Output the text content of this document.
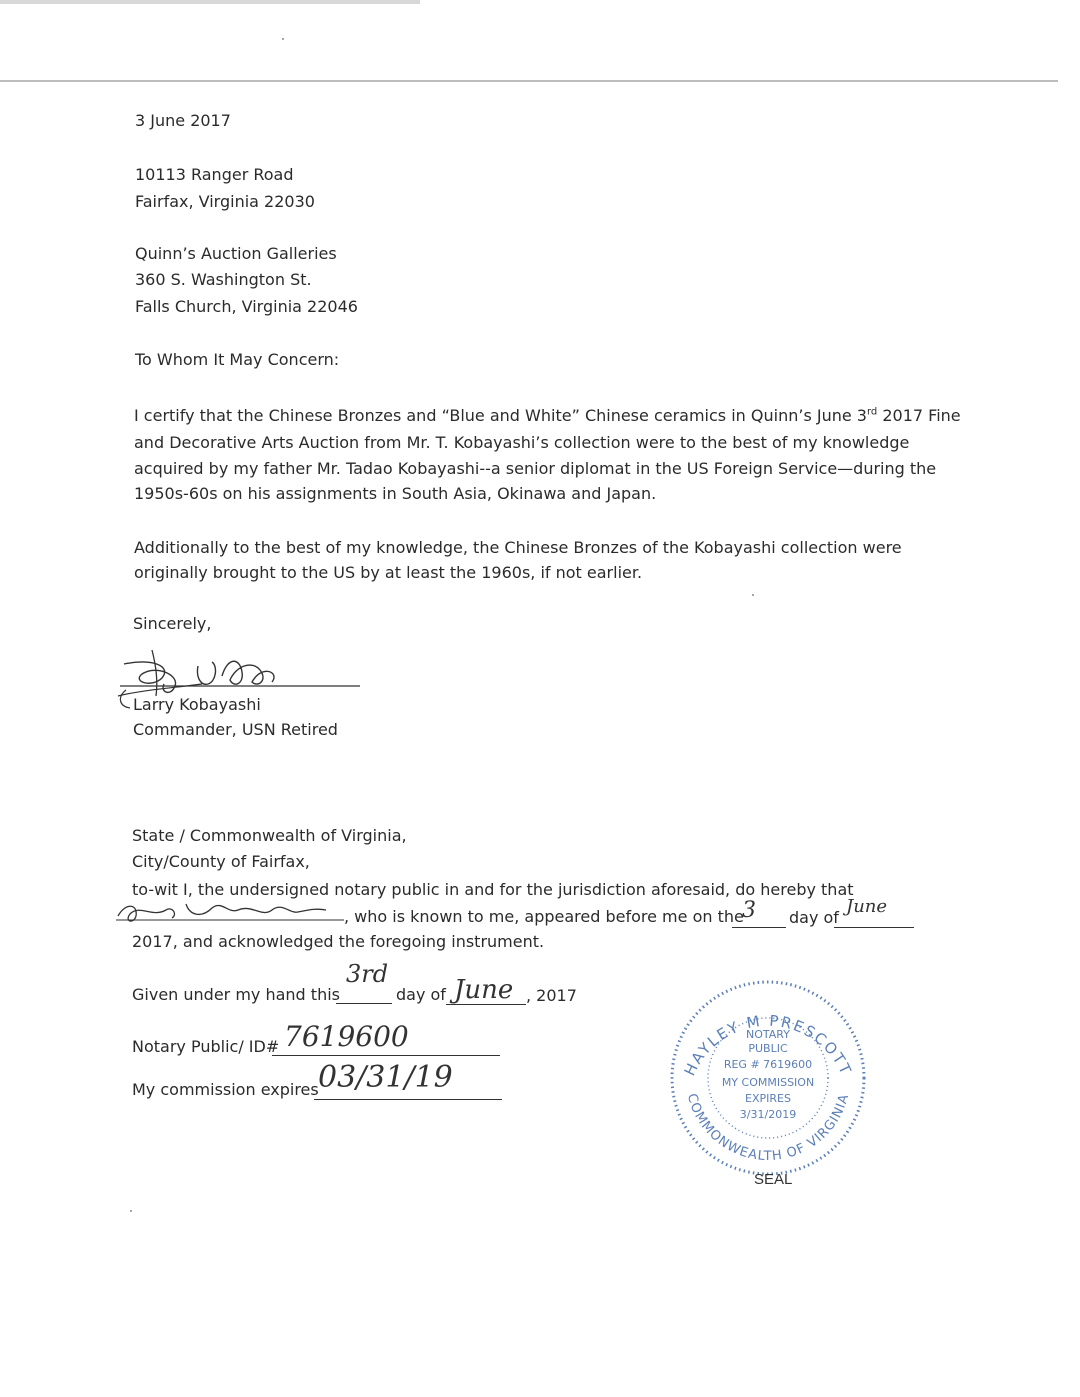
3 June 2017
10113 Ranger Road
Fairfax, Virginia 22030
Quinn’s Auction Galleries
360 S. Washington St.
Falls Church, Virginia 22046
To Whom It May Concern:
I certify that the Chinese Bronzes and “Blue and White” Chinese ceramics in Quinn’s June 3rd 2017 Fine
and Decorative Arts Auction from Mr. T. Kobayashi’s collection were to the best of my knowledge
acquired by my father Mr. Tadao Kobayashi--a senior diplomat in the US Foreign Service—during the
1950s-60s on his assignments in South Asia, Okinawa and Japan.
Additionally to the best of my knowledge, the Chinese Bronzes of the Kobayashi collection were
originally brought to the US by at least the 1960s, if not earlier.
Sincerely,
Larry Kobayashi
Commander, USN Retired
State / Commonwealth of Virginia,
City/County of Fairfax,
to-wit I, the undersigned notary public in and for the jurisdiction aforesaid, do hereby that
, who is known to me, appeared before me on the
3 day of
June
2017, and acknowledged the foregoing instrument.
Given under my hand this
3rd
day of June , 2017
Notary Public/ ID# 7619600
My commission expires 03/31/19	HAYLEY M PRESCOTT
COMMONWEALTH OF VIRGINIA
NOTARY
PUBLIC
REG # 7619600
MY COMMISSION
EXPIRES
3/31/2019
SEAL
